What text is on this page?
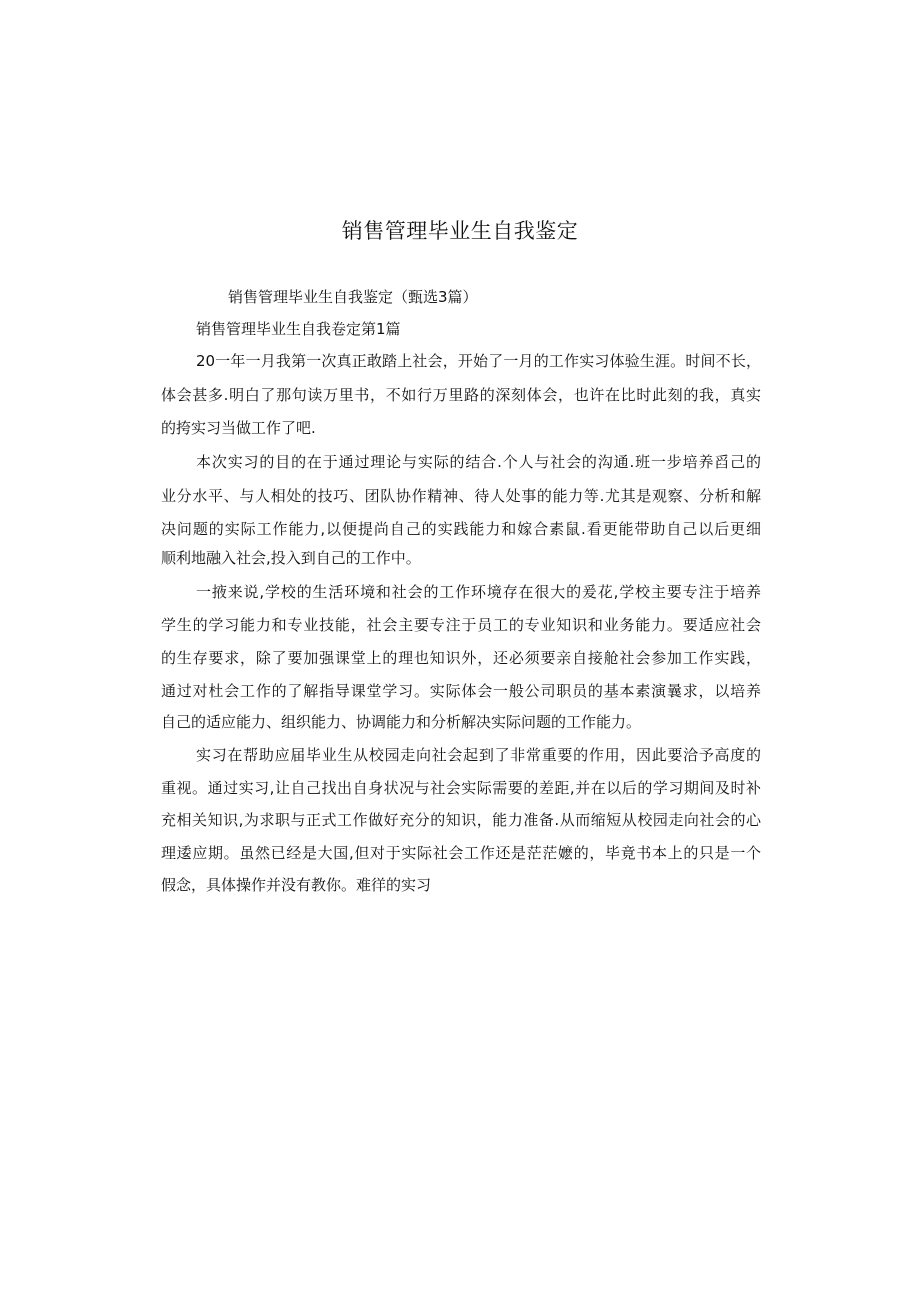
销售管理毕业生自我鉴定
销售管理毕业生自我鉴定（甄选3篇）
销售管理毕业生自我卷定第1篇
20一年一月我第一次真正敢踏上社会，开始了一月的工作实习体验生涯。时间不长，
体会甚多.明白了那句读万里书，不如行万里路的深刻体会，也许在比时此刻的我，真实
的挎实习当做工作了吧.
本次实习的目的在于通过理论与实际的结合.个人与社会的沟通.班一步培养舀己的
业分水平、与人相处的技巧、团队协作精神、待人处事的能力等.尤其是观察、分析和解
决问题的实际工作能力,以便提尚自己的实践能力和嫁合素鼠.看更能带助自己以后更细
顺利地融入社会,投入到自己的工作中。
一掖来说,学校的生活环境和社会的工作环境存在很大的爰花,学校主要专注于培养
学生的学习能力和专业技能，社会主要专注于员工的专业知识和业务能力。要适应社会
的生存要求，除了要加强课堂上的理也知识外，还必须要亲自接舱社会参加工作实践，
通过对杜会工作的了解指导课堂学习。实际体会一般公司职员的基本素演曩求，以培养
自己的适应能力、组织能力、协调能力和分析解决实际问题的工作能力。
实习在帮助应届毕业生从校园走向社会起到了非常重要的作用，因此要洽予高度的
重视。通过实习,让自己找出自身状况与社会实际需要的差距,并在以后的学习期间及时补
充相关知识,为求职与正式工作做好充分的知识，能力准备.从而缩短从校园走向社会的心
理逶应期。虽然已经是大国,但对于实际社会工作还是茫茫嬷的，毕竟书本上的只是一个
假念，具体操作并没有教你。难徉的实习
